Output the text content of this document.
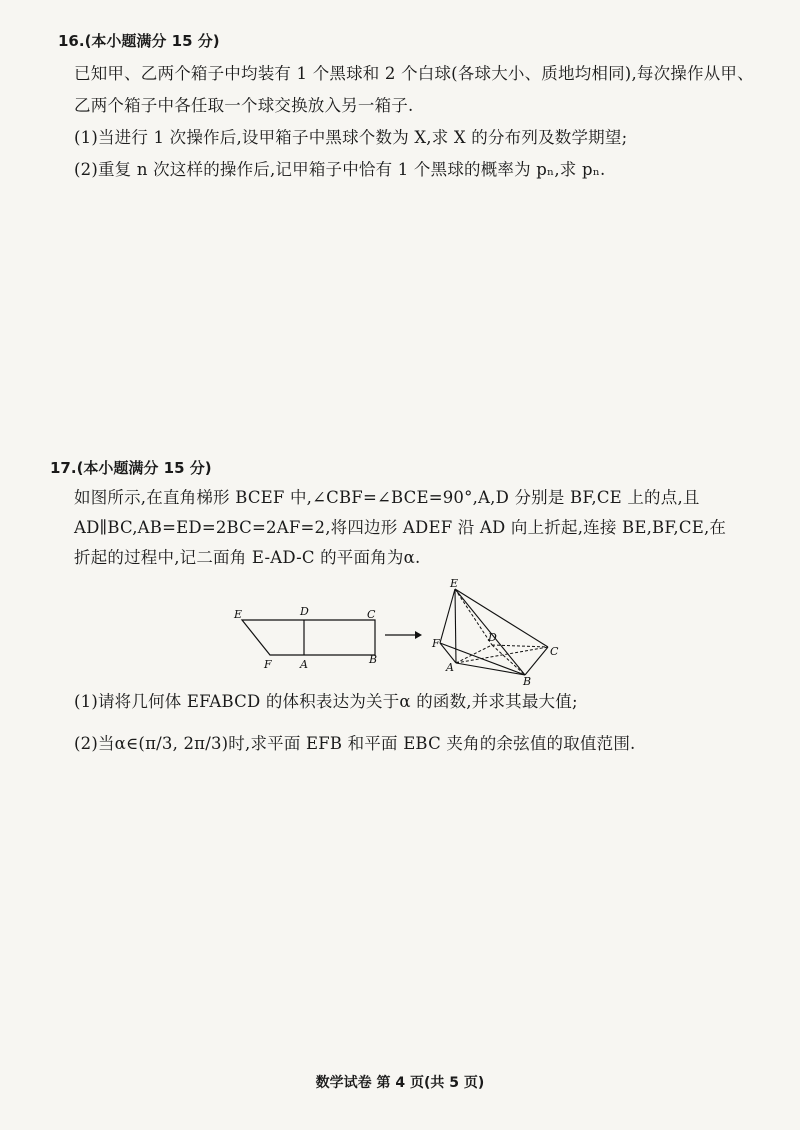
16.(本小题满分 15 分)
已知甲、乙两个箱子中均装有 1 个黑球和 2 个白球(各球大小、质地均相同),每次操作从甲、
乙两个箱子中各任取一个球交换放入另一箱子.
(1)当进行 1 次操作后,设甲箱子中黑球个数为 X,求 X 的分布列及数学期望;
(2)重复 n 次这样的操作后,记甲箱子中恰有 1 个黑球的概率为 pₙ,求 pₙ.
17.(本小题满分 15 分)
如图所示,在直角梯形 BCEF 中,∠CBF=∠BCE=90°,A,D 分别是 BF,CE 上的点,且
AD∥BC,AB=ED=2BC=2AF=2,将四边形 ADEF 沿 AD 向上折起,连接 BE,BF,CE,在
折起的过程中,记二面角 E-AD-C 的平面角为α.
E	D	C
F	A	B
E
D
C
F
A
B
(1)请将几何体 EFABCD 的体积表达为关于α 的函数,并求其最大值;
(2)当α∈(π/3, 2π/3)时,求平面 EFB 和平面 EBC 夹角的余弦值的取值范围.
数学试卷 第 4 页(共 5 页)
